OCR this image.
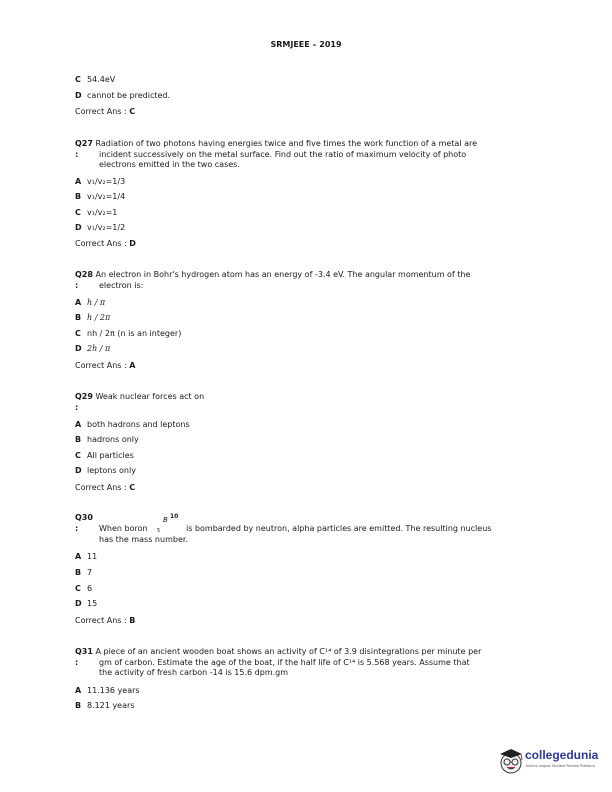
SRMJEEE – 2019
C 54.4eV
D cannot be predicted.
Correct Ans : C
Q27 Radiation of two photons having energies twice and five times the work function of a metal are
:	incident successively on the metal surface. Find out the ratio of maximum velocity of photo
electrons emitted in the two cases.
A v₁/v₂=1/3
B v₁/v₂=1/4
C v₁/v₂=1
D v₁/v₂=1/2
Correct Ans : D
Q28 An electron in Bohr's hydrogen atom has an energy of -3.4 eV. The angular momentum of the
:	electron is:
A h / π
B h / 2π
C nh / 2π (n is an integer)
D 2h / π
Correct Ans : A
Q29 Weak nuclear forces act on
:
A both hadrons and leptons
B hadrons only
C All particles
D leptons only
Correct Ans : C
Q30
:	When boron 5
B 10
is bombarded by neutron, alpha particles are emitted. The resulting nucleus
has the mass number.
A 11
B 7
C 6
D 15
Correct Ans : B
Q31 A piece of an ancient wooden boat shows an activity of C¹⁴ of 3.9 disintegrations per minute per
:	gm of carbon. Estimate the age of the boat, if the half life of C¹⁴ is 5.568 years. Assume that
the activity of fresh carbon -14 is 15.6 dpm.gm
A 11.136 years
B 8.121 years
collegedunia
India's largest Student Review Platform
